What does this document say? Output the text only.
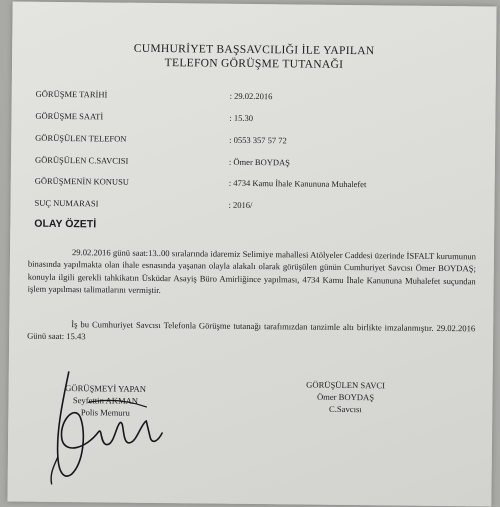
CUMHURİYET BAŞSAVCILIĞI İLE YAPILAN
TELEFON GÖRÜŞME TUTANAĞI
GÖRÜŞME TARİHİ	: 29.02.2016
GÖRÜŞME SAATİ	: 15.30
GÖRÜŞÜLEN TELEFON	: 0553 357 57 72
GÖRÜŞÜLEN C.SAVCISI	: Ömer BOYDAŞ
GÖRÜŞMENİN KONUSU	: 4734 Kamu İhale Kanununa Muhalefet
SUÇ NUMARASI	: 2016/
OLAY ÖZETİ
29.02.2016 günü saat:13..00 sıralarında idaremiz Selimiye mahallesi Atölyeler Caddesi üzerinde İSFALT kurumunun binasında yapılmakta olan ihale esnasında yaşanan olayla alakalı olarak görüşülen günün Cumhuriyet Savcısı Ömer BOYDAŞ; konuyla ilgili gerekli tahkikatın Üsküdar Asayiş Büro Amirliğince yapılması, 4734 Kamu İhale Kanununa Muhalefet suçundan işlem yapılması talimatlarını vermiştir.
İş bu Cumhuriyet Savcısı Telefonla Görüşme tutanağı tarafımızdan tanzimle altı birlikte imzalanmıştır. 29.02.2016 Günü saat: 15.43
GÖRÜŞMEYİ YAPAN
Seyfettin AKMAN
Polis Memuru
GÖRÜŞÜLEN SAVCI
Ömer BOYDAŞ
C.Savcısı
